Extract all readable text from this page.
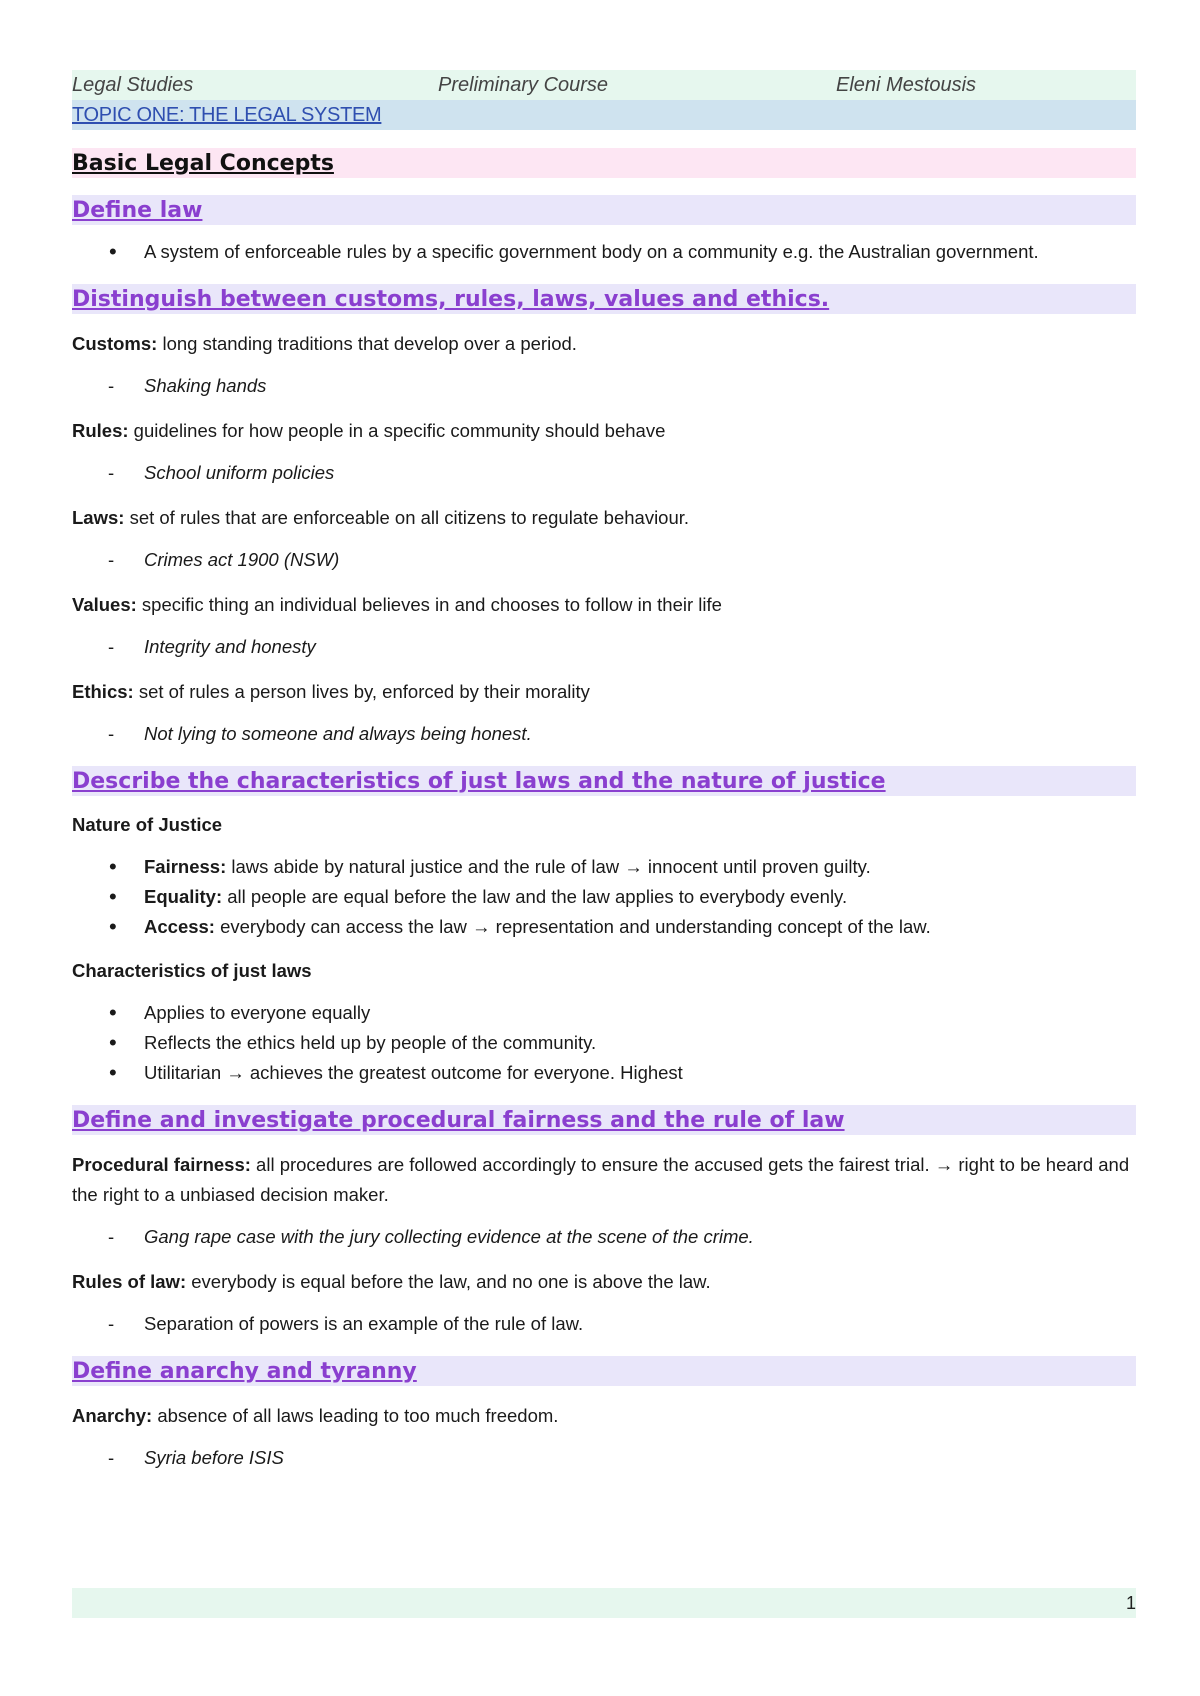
Legal Studies	Preliminary Course	Eleni Mestousis
TOPIC ONE: THE LEGAL SYSTEM
Basic Legal Concepts
Define law
• A system of enforceable rules by a specific government body on a community e.g. the Australian government.
Distinguish between customs, rules, laws, values and ethics.
Customs: long standing traditions that develop over a period.
- Shaking hands
Rules: guidelines for how people in a specific community should behave
- School uniform policies
Laws: set of rules that are enforceable on all citizens to regulate behaviour.
- Crimes act 1900 (NSW)
Values: specific thing an individual believes in and chooses to follow in their life
- Integrity and honesty
Ethics: set of rules a person lives by, enforced by their morality
- Not lying to someone and always being honest.
Describe the characteristics of just laws and the nature of justice
Nature of Justice
• Fairness: laws abide by natural justice and the rule of law → innocent until proven guilty.
• Equality: all people are equal before the law and the law applies to everybody evenly.
• Access: everybody can access the law → representation and understanding concept of the law.
Characteristics of just laws
• Applies to everyone equally
• Reflects the ethics held up by people of the community.
• Utilitarian → achieves the greatest outcome for everyone. Highest
Define and investigate procedural fairness and the rule of law
Procedural fairness: all procedures are followed accordingly to ensure the accused gets the fairest trial. → right to be heard and the right to a unbiased decision maker.
- Gang rape case with the jury collecting evidence at the scene of the crime.
Rules of law: everybody is equal before the law, and no one is above the law.
- Separation of powers is an example of the rule of law.
Define anarchy and tyranny
Anarchy: absence of all laws leading to too much freedom.
- Syria before ISIS
1
